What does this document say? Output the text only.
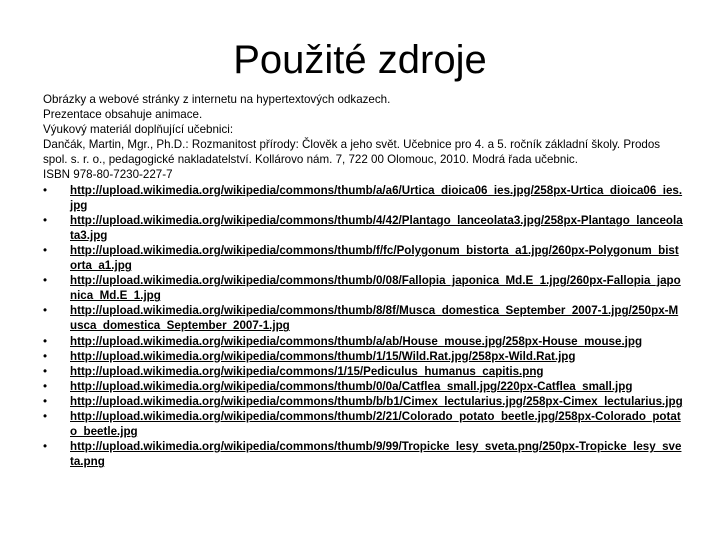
Použité zdroje

Obrázky a webové stránky z internetu na hypertextových odkazech.

Prezentace obsahuje animace.

Výukový materiál doplňující učebnici:

Dančák, Martin, Mgr., Ph.D.: Rozmanitost přírody: Člověk a jeho svět. Učebnice pro 4. a 5. ročník základní školy. Prodos spol. s. r. o., pedagogické nakladatelství. Kollárovo nám. 7, 722 00 Olomouc, 2010. Modrá řada učebnic.

ISBN 978-80-7230-227-7

• http://upload.wikimedia.org/wikipedia/commons/thumb/a/a6/Urtica_dioica06_ies.jpg/258px-Urtica_dioica06_ies.jpg
• http://upload.wikimedia.org/wikipedia/commons/thumb/4/42/Plantago_lanceolata3.jpg/258px-Plantago_lanceolata3.jpg
• http://upload.wikimedia.org/wikipedia/commons/thumb/f/fc/Polygonum_bistorta_a1.jpg/260px-Polygonum_bistorta_a1.jpg
• http://upload.wikimedia.org/wikipedia/commons/thumb/0/08/Fallopia_japonica_Md.E_1.jpg/260px-Fallopia_japonica_Md.E_1.jpg
• http://upload.wikimedia.org/wikipedia/commons/thumb/8/8f/Musca_domestica_September_2007-1.jpg/250px-Musca_domestica_September_2007-1.jpg
• http://upload.wikimedia.org/wikipedia/commons/thumb/a/ab/House_mouse.jpg/258px-House_mouse.jpg
• http://upload.wikimedia.org/wikipedia/commons/thumb/1/15/Wild.Rat.jpg/258px-Wild.Rat.jpg
• http://upload.wikimedia.org/wikipedia/commons/1/15/Pediculus_humanus_capitis.png
• http://upload.wikimedia.org/wikipedia/commons/thumb/0/0a/Catflea_small.jpg/220px-Catflea_small.jpg
• http://upload.wikimedia.org/wikipedia/commons/thumb/b/b1/Cimex_lectularius.jpg/258px-Cimex_lectularius.jpg
• http://upload.wikimedia.org/wikipedia/commons/thumb/2/21/Colorado_potato_beetle.jpg/258px-Colorado_potato_beetle.jpg
• http://upload.wikimedia.org/wikipedia/commons/thumb/9/99/Tropicke_lesy_sveta.png/250px-Tropicke_lesy_sveta.png
